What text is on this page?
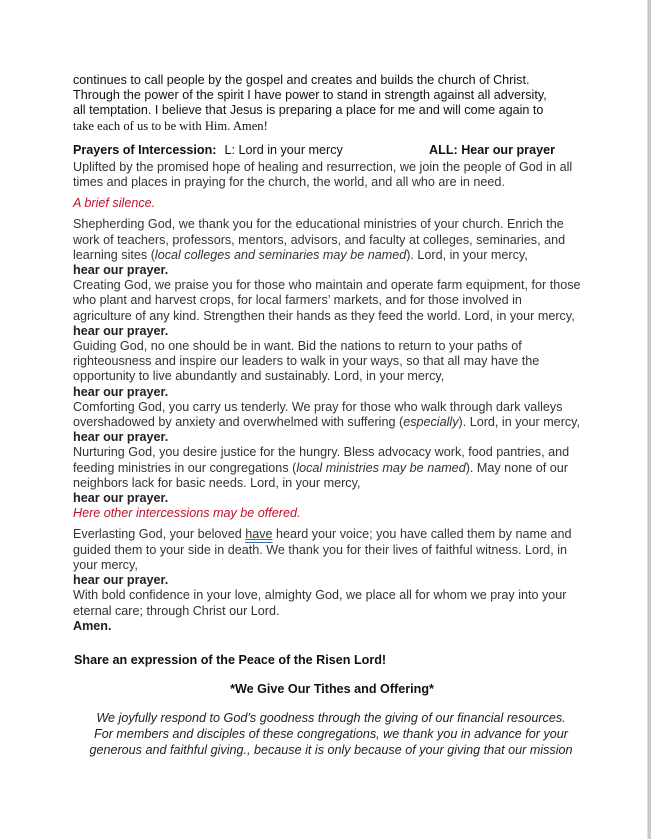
continues to call people by the gospel and creates and builds the church of Christ.

Through the power of the spirit I have power to stand in strength against all adversity,

all temptation. I believe that Jesus is preparing a place for me and will come again to

take each of us to be with Him. Amen!

Prayers of Intercession: L: Lord in your mercy	ALL: Hear our prayer

Uplifted by the promised hope of healing and resurrection, we join the people of God in all times and places in praying for the church, the world, and all who are in need.

A brief silence.

Shepherding God, we thank you for the educational ministries of your church. Enrich the work of teachers, professors, mentors, advisors, and faculty at colleges, seminaries, and learning sites (local colleges and seminaries may be named). Lord, in your mercy,

hear our prayer.

Creating God, we praise you for those who maintain and operate farm equipment, for those who plant and harvest crops, for local farmers’ markets, and for those involved in agriculture of any kind. Strengthen their hands as they feed the world. Lord, in your mercy,

hear our prayer.

Guiding God, no one should be in want. Bid the nations to return to your paths of righteousness and inspire our leaders to walk in your ways, so that all may have the opportunity to live abundantly and sustainably. Lord, in your mercy,

hear our prayer.

Comforting God, you carry us tenderly. We pray for those who walk through dark valleys overshadowed by anxiety and overwhelmed with suffering (especially). Lord, in your mercy,

hear our prayer.

Nurturing God, you desire justice for the hungry. Bless advocacy work, food pantries, and feeding ministries in our congregations (local ministries may be named). May none of our neighbors lack for basic needs. Lord, in your mercy,

hear our prayer.

Here other intercessions may be offered.

Everlasting God, your beloved have heard your voice; you have called them by name and guided them to your side in death. We thank you for their lives of faithful witness. Lord, in your mercy,

hear our prayer.

With bold confidence in your love, almighty God, we place all for whom we pray into your eternal care; through Christ our Lord.

Amen.

Share an expression of the Peace of the Risen Lord!

*We Give Our Tithes and Offering*

We joyfully respond to God’s goodness through the giving of our financial resources.
For members and disciples of these congregations, we thank you in advance for your
generous and faithful giving., because it is only because of your giving that our mission
